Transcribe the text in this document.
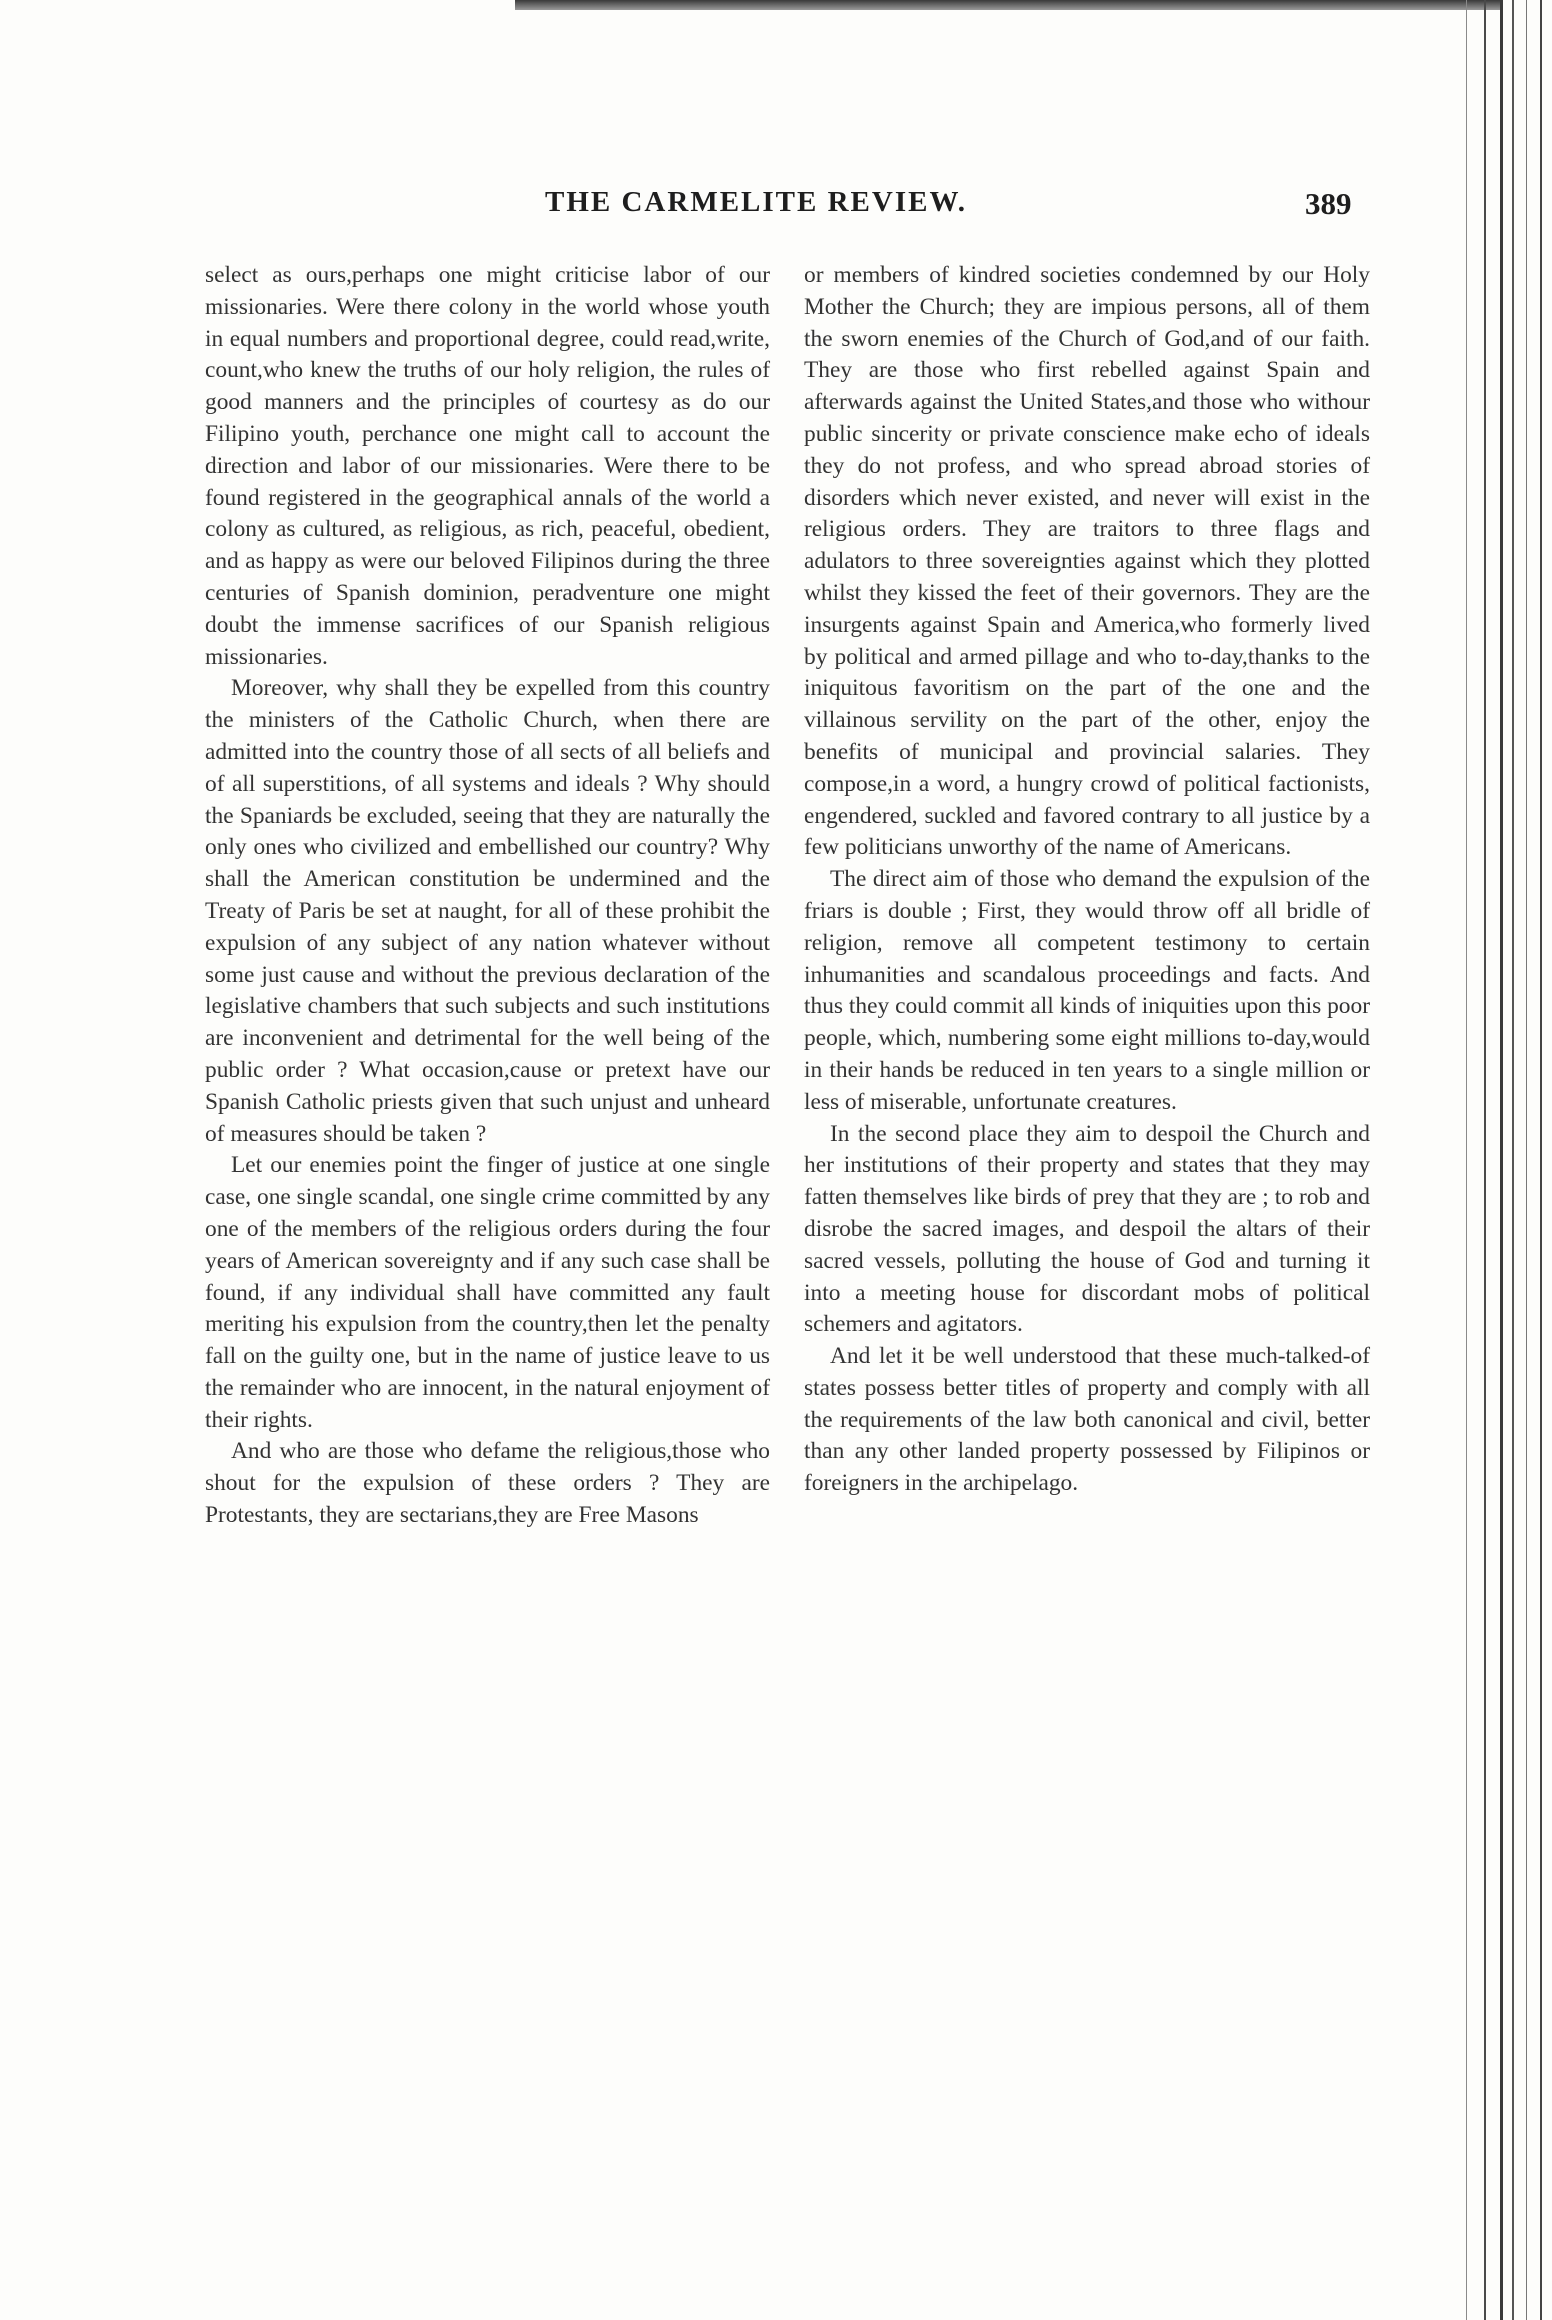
THE CARMELITE REVIEW.	389

select as ours,perhaps one might criticise labor of our missionaries. Were there colony in the world whose youth in equal numbers and proportional degree, could read,write, count,who knew the truths of our holy religion, the rules of good manners and the principles of courtesy as do our Filipino youth, perchance one might call to account the direction and labor of our missionaries. Were there to be found registered in the geographical annals of the world a colony as cultured, as religious, as rich, peaceful, obedient, and as happy as were our beloved Filipinos during the three centuries of Spanish dominion, peradventure one might doubt the immense sacrifices of our Spanish religious missionaries.

Moreover, why shall they be expelled from this country the ministers of the Catholic Church, when there are admitted into the country those of all sects of all beliefs and of all superstitions, of all systems and ideals ? Why should the Spaniards be excluded, seeing that they are naturally the only ones who civilized and embellished our country? Why shall the American constitution be undermined and the Treaty of Paris be set at naught, for all of these prohibit the expulsion of any subject of any nation whatever without some just cause and without the previous declaration of the legislative chambers that such subjects and such institutions are inconvenient and detrimental for the well being of the public order ? What occasion,cause or pretext have our Spanish Catholic priests given that such unjust and unheard of measures should be taken ?

Let our enemies point the finger of justice at one single case, one single scandal, one single crime committed by any one of the members of the religious orders during the four years of American sovereignty and if any such case shall be found, if any individual shall have committed any fault meriting his expulsion from the country,then let the penalty fall on the guilty one, but in the name of justice leave to us the remainder who are innocent, in the natural enjoyment of their rights.

And who are those who defame the religious,those who shout for the expulsion of these orders ? They are Protestants, they are sectarians,they are Free Masons

or members of kindred societies condemned by our Holy Mother the Church; they are impious persons, all of them the sworn enemies of the Church of God,and of our faith. They are those who first rebelled against Spain and afterwards against the United States,and those who withour public sincerity or private conscience make echo of ideals they do not profess, and who spread abroad stories of disorders which never existed, and never will exist in the religious orders. They are traitors to three flags and adulators to three sovereignties against which they plotted whilst they kissed the feet of their governors. They are the insurgents against Spain and America,who formerly lived by political and armed pillage and who to-day,thanks to the iniquitous favoritism on the part of the one and the villainous servility on the part of the other, enjoy the benefits of municipal and provincial salaries. They compose,in a word, a hungry crowd of political factionists, engendered, suckled and favored contrary to all justice by a few politicians unworthy of the name of Americans.

The direct aim of those who demand the expulsion of the friars is double ; First, they would throw off all bridle of religion, remove all competent testimony to certain inhumanities and scandalous proceedings and facts. And thus they could commit all kinds of iniquities upon this poor people, which, numbering some eight millions to-day,would in their hands be reduced in ten years to a single million or less of miserable, unfortunate creatures.

In the second place they aim to despoil the Church and her institutions of their property and states that they may fatten themselves like birds of prey that they are ; to rob and disrobe the sacred images, and despoil the altars of their sacred vessels, polluting the house of God and turning it into a meeting house for discordant mobs of political schemers and agitators.

And let it be well understood that these much-talked-of states possess better titles of property and comply with all the requirements of the law both canonical and civil, better than any other landed property possessed by Filipinos or foreigners in the archipelago.
